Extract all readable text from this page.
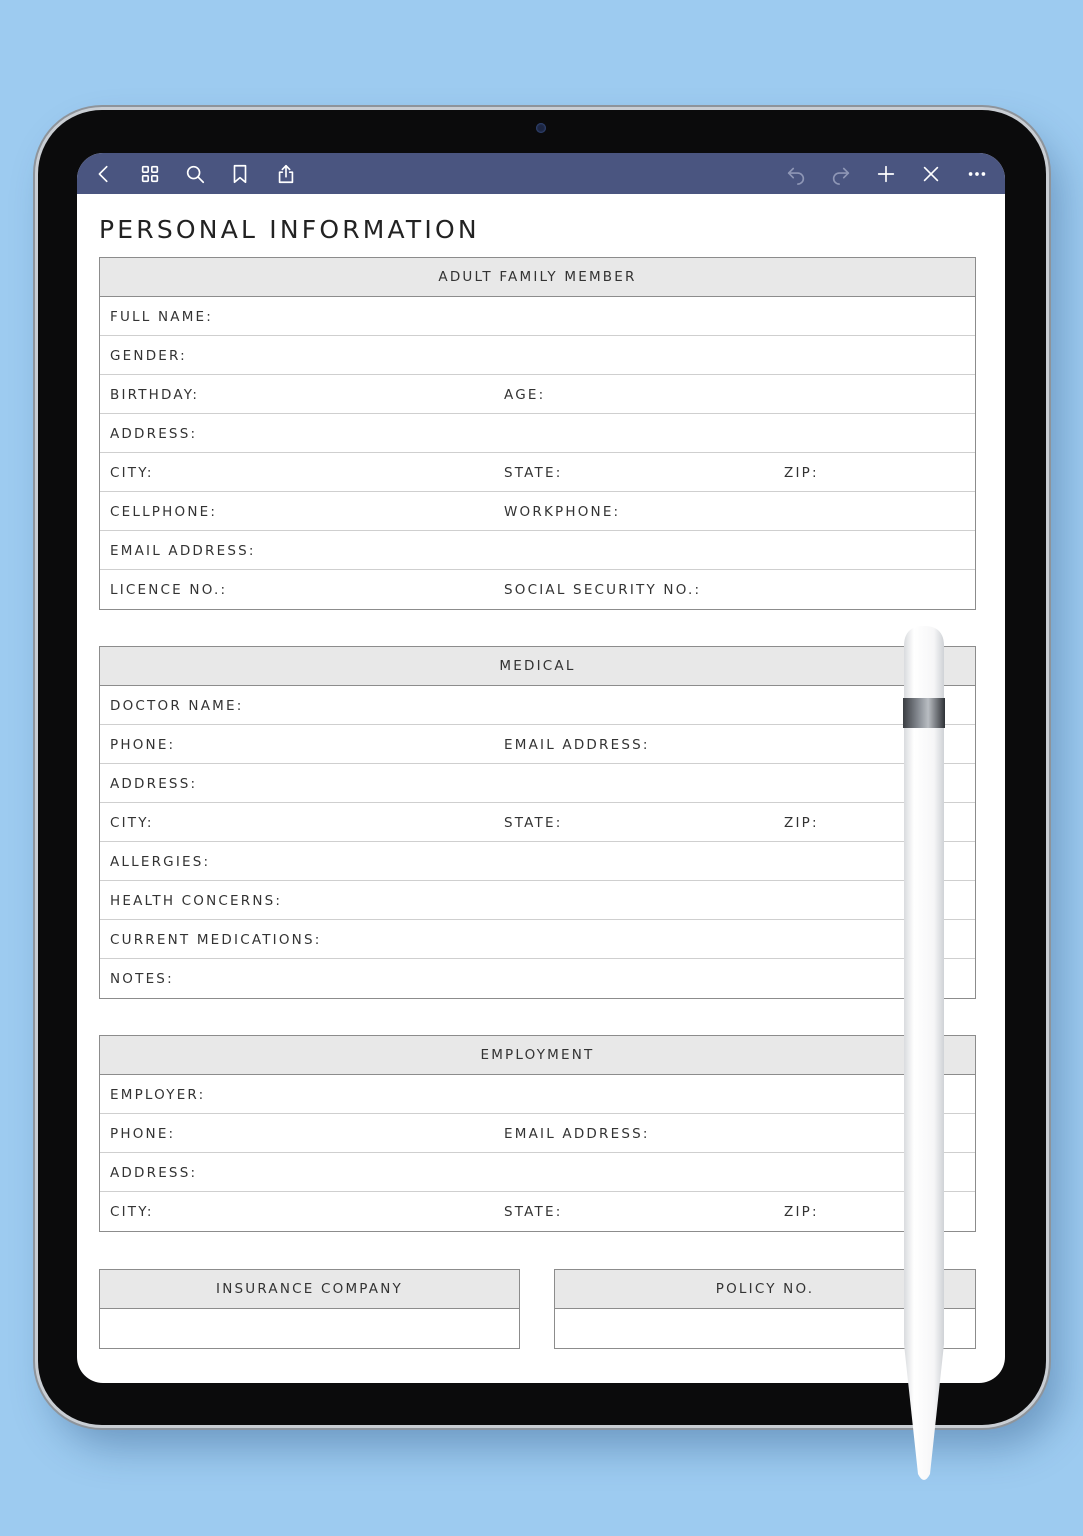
PERSONAL INFORMATION
ADULT FAMILY MEMBER
FULL NAME:
GENDER:
BIRTHDAY:	AGE:
ADDRESS:
CITY:	STATE:	ZIP:
CELLPHONE:	WORKPHONE:
EMAIL ADDRESS:
LICENCE NO.:	SOCIAL SECURITY NO.:
MEDICAL
DOCTOR NAME:
PHONE:	EMAIL ADDRESS:
ADDRESS:
CITY:	STATE:	ZIP:
ALLERGIES:
HEALTH CONCERNS:
CURRENT MEDICATIONS:
NOTES:
EMPLOYMENT
EMPLOYER:
PHONE:	EMAIL ADDRESS:
ADDRESS:
CITY:	STATE:	ZIP:
INSURANCE COMPANY	POLICY NO.
